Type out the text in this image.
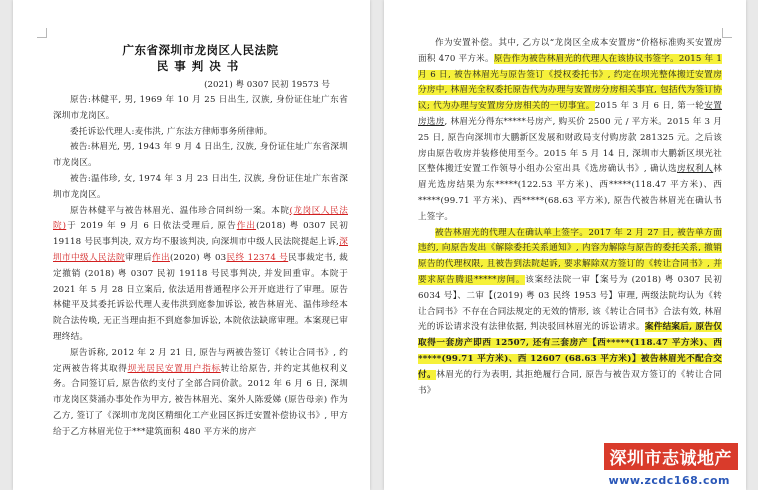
广东省深圳市龙岗区人民法院
民事判决书
(2021) 粤 0307 民初 19573 号

原告:林健平, 男, 1969 年 10 月 25 日出生, 汉族, 身份证住址广东省深圳市龙岗区。

委托诉讼代理人:麦伟洪, 广东法方律师事务所律师。

被告:林眉光, 男, 1943 年 9 月 4 日出生, 汉族, 身份证住址广东省深圳市龙岗区。

被告:温伟珍, 女, 1974 年 3 月 23 日出生, 汉族, 身份证住址广东省深圳市龙岗区。

原告林健平与被告林眉光、温伟珍合同纠纷一案。本院(龙岗区人民法院)于 2019 年 9 月 6 日依法受理后, 原告作出(2018) 粤 0307 民初 19118 号民事判决, 双方均不服该判决, 向深圳市中级人民法院提起上诉,深圳市中级人民法院审理后作出(2020) 粤 03民终 12374 号民事裁定书, 裁定撤销 (2018) 粤 0307 民初 19118 号民事判决, 并发回重审。本院于 2021 年 5 月 28 日立案后, 依法适用普通程序公开开庭进行了审理。原告林健平及其委托诉讼代理人麦伟洪到庭参加诉讼, 被告林眉光、温伟珍经本院合法传唤, 无正当理由拒不到庭参加诉讼, 本院依法缺席审理。本案现已审理终结。

原告诉称, 2012 年 2 月 21 日, 原告与两被告签订《转让合同书》, 约定两被告将其取得坝光居民安置用户指标转让给原告, 并约定其他权利义务。合同签订后, 原告依约支付了全部合同价款。2012 年 6 月 6 日, 深圳市龙岗区葵涌办事处作为甲方, 被告林眉光、案外人陈爱娣 (原告母亲) 作为乙方, 签订了《深圳市龙岗区精细化工产业园区拆迁安置补偿协议书》, 甲方给于乙方林眉光位于***建筑面积 480 平方米的房产

作为安置补偿。其中, 乙方以“龙岗区全成本安置房”价格标准购买安置房面积 470 平方米。原告作为被告林眉光的代理人在该协议书签字。2015 年 1 月 6 日, 被告林眉光与原告签订《授权委托书》, 约定在坝光整体搬迁安置房分房中, 林眉光全权委托原告代为办理与安置房分房相关事宜, 包括代为签订协议; 代为办理与安置房分房相关的一切事宜。2015 年 3 月 6 日, 第一轮安置房选房, 林眉光分得东*****号房产, 购买价 2500 元 / 平方米。2015 年 3 月 25 日, 原告向深圳市大鹏新区发展和财政局支付购房款 281325 元。之后该房由原告收房并装修使用至今。2015 年 5 月 14 日, 深圳市大鹏新区坝光社区整体搬迁安置工作领导小组办公室出具《选房确认书》, 确认选房权利人林眉光选房结果为东*****(122.53 平方米)、西*****(118.47 平方米)、西*****(99.71 平方米)、西*****(68.63 平方米), 原告代被告林眉光在确认书上签字。

被告林眉光的代理人在确认单上签字。2017 年 2 月 27 日, 被告单方面违约, 向原告发出《解除委托关系通知》, 内容为解除与原告的委托关系, 撤销原告的代理权限, 且被告到法院起诉, 要求解除双方签订的《转让合同书》, 并要求原告腾退*****房间。该案经法院一审【案号为 (2018) 粤 0307 民初 6034 号】、二审【(2019) 粤 03 民终 1953 号】审理, 两级法院均认为《转让合同书》不存在合同法规定的无效的情形, 该《转让合同书》合法有效, 林眉光的诉讼请求没有法律依据, 判决驳回林眉光的诉讼请求。案件结案后, 原告仅取得一套房产即西 12507, 还有三套房产【西*****(118.47 平方米)、西*****(99.71 平方米)、西 12607 (68.63 平方米)】被告林眉光不配合交付。林眉光的行为表明, 其拒绝履行合同, 原告与被告双方签订的《转让合同书》

深圳市志诚地产
www.zcdc168.com
